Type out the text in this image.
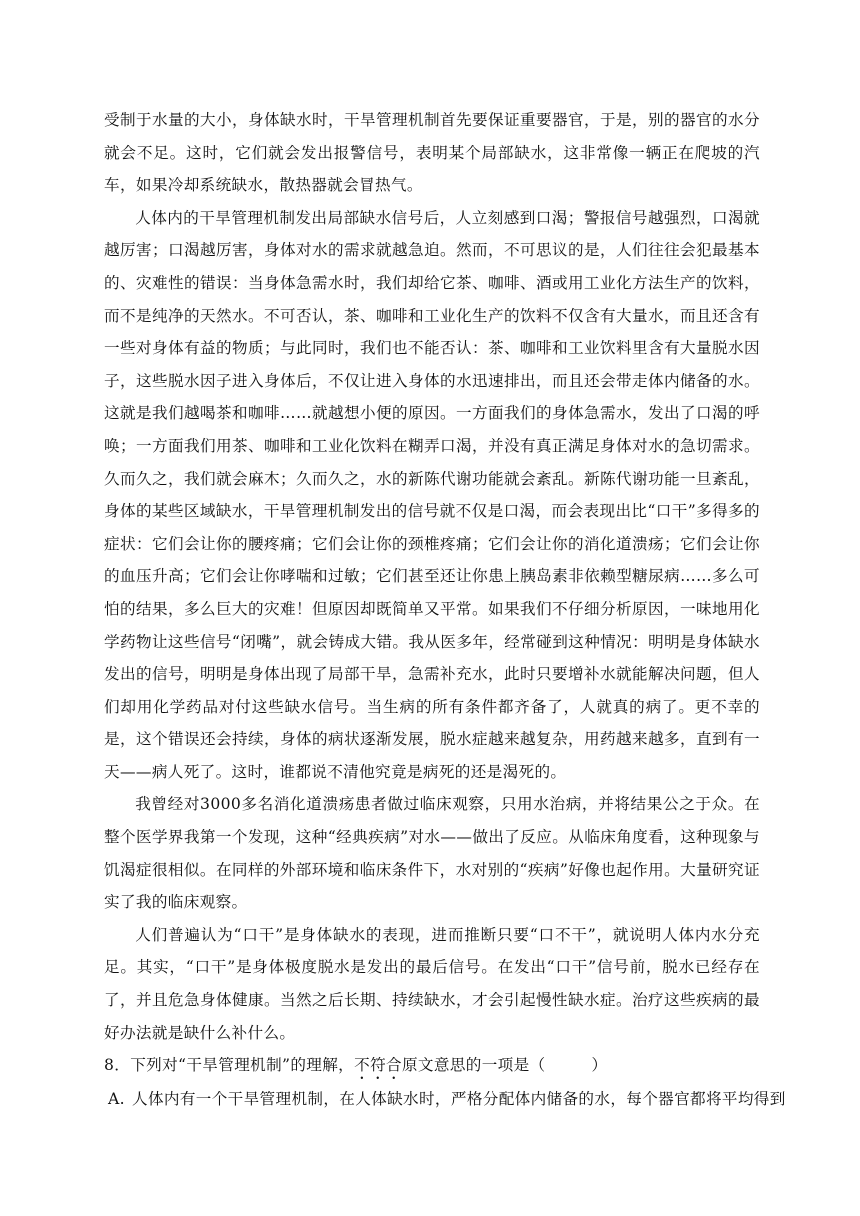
受制于水量的大小，身体缺水时，干旱管理机制首先要保证重要器官，于是，别的器官的水分就会不足。这时，它们就会发出报警信号，表明某个局部缺水，这非常像一辆正在爬坡的汽车，如果冷却系统缺水，散热器就会冒热气。

人体内的干旱管理机制发出局部缺水信号后，人立刻感到口渴；警报信号越强烈，口渴就越厉害；口渴越厉害，身体对水的需求就越急迫。然而，不可思议的是，人们往往会犯最基本的、灾难性的错误：当身体急需水时，我们却给它茶、咖啡、酒或用工业化方法生产的饮料，而不是纯净的天然水。不可否认，茶、咖啡和工业化生产的饮料不仅含有大量水，而且还含有一些对身体有益的物质；与此同时，我们也不能否认：茶、咖啡和工业饮料里含有大量脱水因子，这些脱水因子进入身体后，不仅让进入身体的水迅速排出，而且还会带走体内储备的水。这就是我们越喝茶和咖啡……就越想小便的原因。一方面我们的身体急需水，发出了口渴的呼唤；一方面我们用茶、咖啡和工业化饮料在糊弄口渴，并没有真正满足身体对水的急切需求。久而久之，我们就会麻木；久而久之，水的新陈代谢功能就会紊乱。新陈代谢功能一旦紊乱，身体的某些区域缺水，干旱管理机制发出的信号就不仅是口渴，而会表现出比“口干”多得多的症状：它们会让你的腰疼痛；它们会让你的颈椎疼痛；它们会让你的消化道溃疡；它们会让你的血压升高；它们会让你哮喘和过敏；它们甚至还让你患上胰岛素非依赖型糖尿病……多么可怕的结果，多么巨大的灾难！但原因却既简单又平常。如果我们不仔细分析原因，一味地用化学药物让这些信号“闭嘴”，就会铸成大错。我从医多年，经常碰到这种情况：明明是身体缺水发出的信号，明明是身体出现了局部干旱，急需补充水，此时只要增补水就能解决问题，但人们却用化学药品对付这些缺水信号。当生病的所有条件都齐备了，人就真的病了。更不幸的是，这个错误还会持续，身体的病状逐渐发展，脱水症越来越复杂，用药越来越多，直到有一天——病人死了。这时，谁都说不清他究竟是病死的还是渴死的。

我曾经对3000多名消化道溃疡患者做过临床观察，只用水治病，并将结果公之于众。在整个医学界我第一个发现，这种“经典疾病”对水——做出了反应。从临床角度看，这种现象与饥渴症很相似。在同样的外部环境和临床条件下，水对别的“疾病”好像也起作用。大量研究证实了我的临床观察。

人们普遍认为“口干”是身体缺水的表现，进而推断只要“口不干”，就说明人体内水分充足。其实，“口干”是身体极度脱水是发出的最后信号。在发出“口干”信号前，脱水已经存在了，并且危急身体健康。当然之后长期、持续缺水，才会引起慢性缺水症。治疗这些疾病的最好办法就是缺什么补什么。

8．下列对“干旱管理机制”的理解，不符合原文意思的一项是（	）

A. 人体内有一个干旱管理机制，在人体缺水时，严格分配体内储备的水，每个器官都将平均得到
